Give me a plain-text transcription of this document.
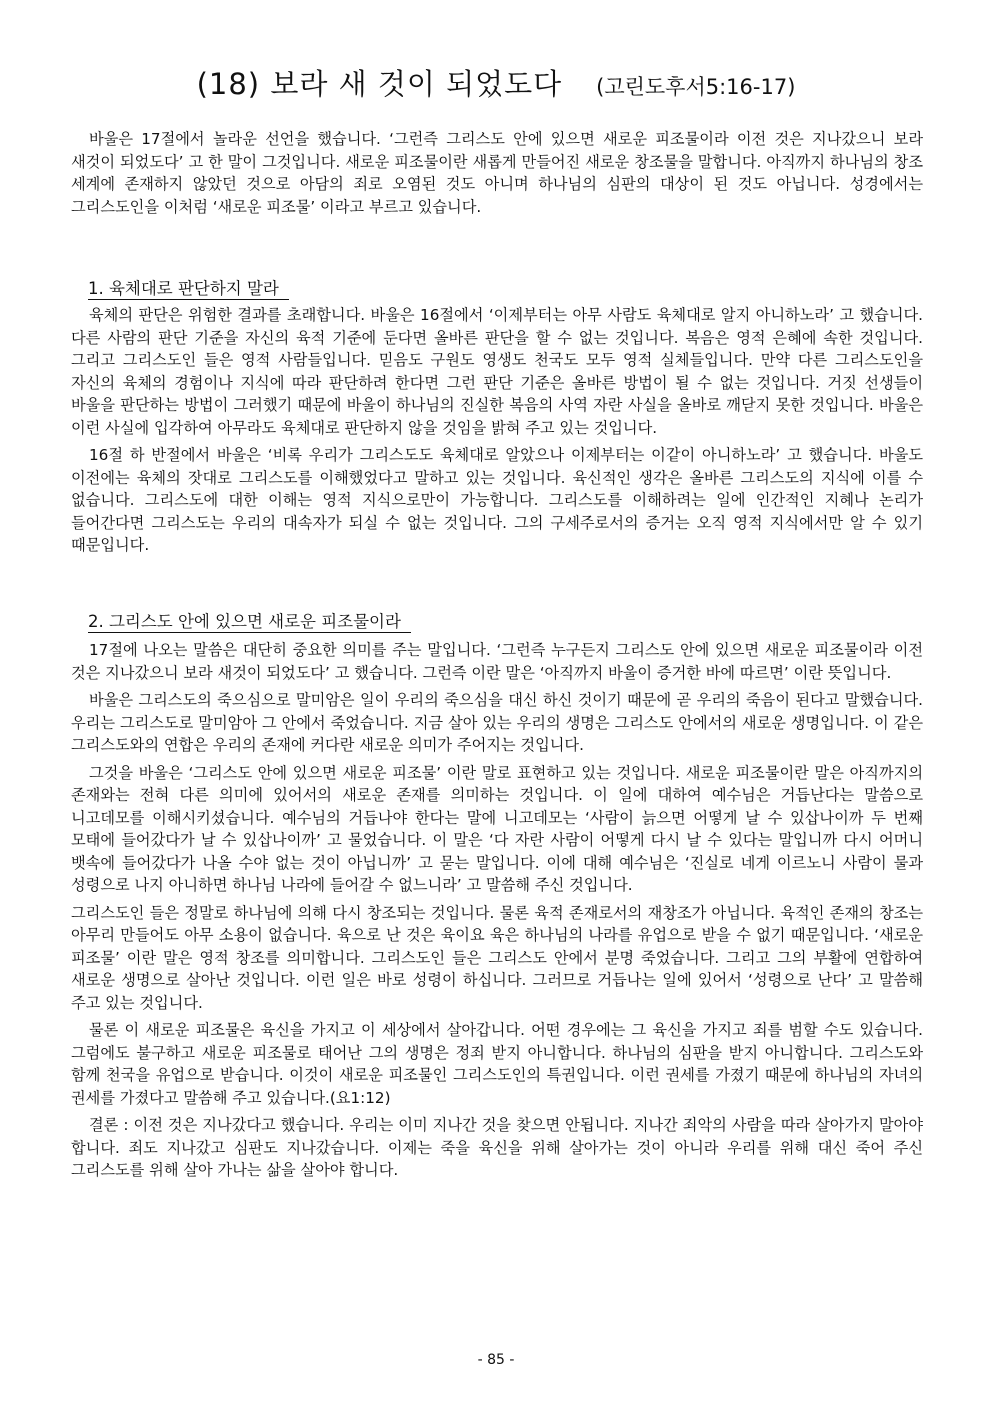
(18) 보라 새 것이 되었도다 (고린도후서5:16-17)

바울은 17절에서 놀라운 선언을 했습니다. ‘그런즉 그리스도 안에 있으면 새로운 피조물이라 이전 것은 지나갔으니 보라 새것이 되었도다’ 고 한 말이 그것입니다. 새로운 피조물이란 새롭게 만들어진 새로운 창조물을 말합니다. 아직까지 하나님의 창조 세계에 존재하지 않았던 것으로 아담의 죄로 오염된 것도 아니며 하나님의 심판의 대상이 된 것도 아닙니다. 성경에서는 그리스도인을 이처럼 ‘새로운 피조물’ 이라고 부르고 있습니다.

1. 육체대로 판단하지 말라

육체의 판단은 위험한 결과를 초래합니다. 바울은 16절에서 ‘이제부터는 아무 사람도 육체대로 알지 아니하노라’ 고 했습니다. 다른 사람의 판단 기준을 자신의 육적 기준에 둔다면 올바른 판단을 할 수 없는 것입니다. 복음은 영적 은혜에 속한 것입니다. 그리고 그리스도인 들은 영적 사람들입니다. 믿음도 구원도 영생도 천국도 모두 영적 실체들입니다. 만약 다른 그리스도인을 자신의 육체의 경험이나 지식에 따라 판단하려 한다면 그런 판단 기준은 올바른 방법이 될 수 없는 것입니다. 거짓 선생들이 바울을 판단하는 방법이 그러했기 때문에 바울이 하나님의 진실한 복음의 사역 자란 사실을 올바로 깨닫지 못한 것입니다. 바울은 이런 사실에 입각하여 아무라도 육체대로 판단하지 않을 것임을 밝혀 주고 있는 것입니다.

16절 하 반절에서 바울은 ‘비록 우리가 그리스도도 육체대로 알았으나 이제부터는 이같이 아니하노라’ 고 했습니다. 바울도 이전에는 육체의 잣대로 그리스도를 이해했었다고 말하고 있는 것입니다. 육신적인 생각은 올바른 그리스도의 지식에 이를 수 없습니다. 그리스도에 대한 이해는 영적 지식으로만이 가능합니다. 그리스도를 이해하려는 일에 인간적인 지혜나 논리가 들어간다면 그리스도는 우리의 대속자가 되실 수 없는 것입니다. 그의 구세주로서의 증거는 오직 영적 지식에서만 알 수 있기 때문입니다.

2. 그리스도 안에 있으면 새로운 피조물이라

17절에 나오는 말씀은 대단히 중요한 의미를 주는 말입니다. ‘그런즉 누구든지 그리스도 안에 있으면 새로운 피조물이라 이전 것은 지나갔으니 보라 새것이 되었도다’ 고 했습니다. 그런즉 이란 말은 ‘아직까지 바울이 증거한 바에 따르면’ 이란 뜻입니다.

바울은 그리스도의 죽으심으로 말미암은 일이 우리의 죽으심을 대신 하신 것이기 때문에 곧 우리의 죽음이 된다고 말했습니다. 우리는 그리스도로 말미암아 그 안에서 죽었습니다. 지금 살아 있는 우리의 생명은 그리스도 안에서의 새로운 생명입니다. 이 같은 그리스도와의 연합은 우리의 존재에 커다란 새로운 의미가 주어지는 것입니다.

그것을 바울은 ‘그리스도 안에 있으면 새로운 피조물’ 이란 말로 표현하고 있는 것입니다. 새로운 피조물이란 말은 아직까지의 존재와는 전혀 다른 의미에 있어서의 새로운 존재를 의미하는 것입니다. 이 일에 대하여 예수님은 거듭난다는 말씀으로 니고데모를 이해시키셨습니다. 예수님의 거듭나야 한다는 말에 니고데모는 ‘사람이 늙으면 어떻게 날 수 있삽나이까 두 번째 모태에 들어갔다가 날 수 있삽나이까’ 고 물었습니다. 이 말은 ‘다 자란 사람이 어떻게 다시 날 수 있다는 말입니까 다시 어머니 뱃속에 들어갔다가 나올 수야 없는 것이 아닙니까’ 고 묻는 말입니다. 이에 대해 예수님은 ‘진실로 네게 이르노니 사람이 물과 성령으로 나지 아니하면 하나님 나라에 들어갈 수 없느니라’ 고 말씀해 주신 것입니다.

그리스도인 들은 정말로 하나님에 의해 다시 창조되는 것입니다. 물론 육적 존재로서의 재창조가 아닙니다. 육적인 존재의 창조는 아무리 만들어도 아무 소용이 없습니다. 육으로 난 것은 육이요 육은 하나님의 나라를 유업으로 받을 수 없기 때문입니다. ‘새로운 피조물’ 이란 말은 영적 창조를 의미합니다. 그리스도인 들은 그리스도 안에서 분명 죽었습니다. 그리고 그의 부활에 연합하여 새로운 생명으로 살아난 것입니다. 이런 일은 바로 성령이 하십니다. 그러므로 거듭나는 일에 있어서 ‘성령으로 난다’ 고 말씀해 주고 있는 것입니다.

물론 이 새로운 피조물은 육신을 가지고 이 세상에서 살아갑니다. 어떤 경우에는 그 육신을 가지고 죄를 범할 수도 있습니다. 그럼에도 불구하고 새로운 피조물로 태어난 그의 생명은 정죄 받지 아니합니다. 하나님의 심판을 받지 아니합니다. 그리스도와 함께 천국을 유업으로 받습니다. 이것이 새로운 피조물인 그리스도인의 특권입니다. 이런 권세를 가졌기 때문에 하나님의 자녀의 권세를 가졌다고 말씀해 주고 있습니다.(요1:12)

결론 : 이전 것은 지나갔다고 했습니다. 우리는 이미 지나간 것을 찾으면 안됩니다. 지나간 죄악의 사람을 따라 살아가지 말아야 합니다. 죄도 지나갔고 심판도 지나갔습니다. 이제는 죽을 육신을 위해 살아가는 것이 아니라 우리를 위해 대신 죽어 주신 그리스도를 위해 살아 가나는 삶을 살아야 합니다.

- 85 -
